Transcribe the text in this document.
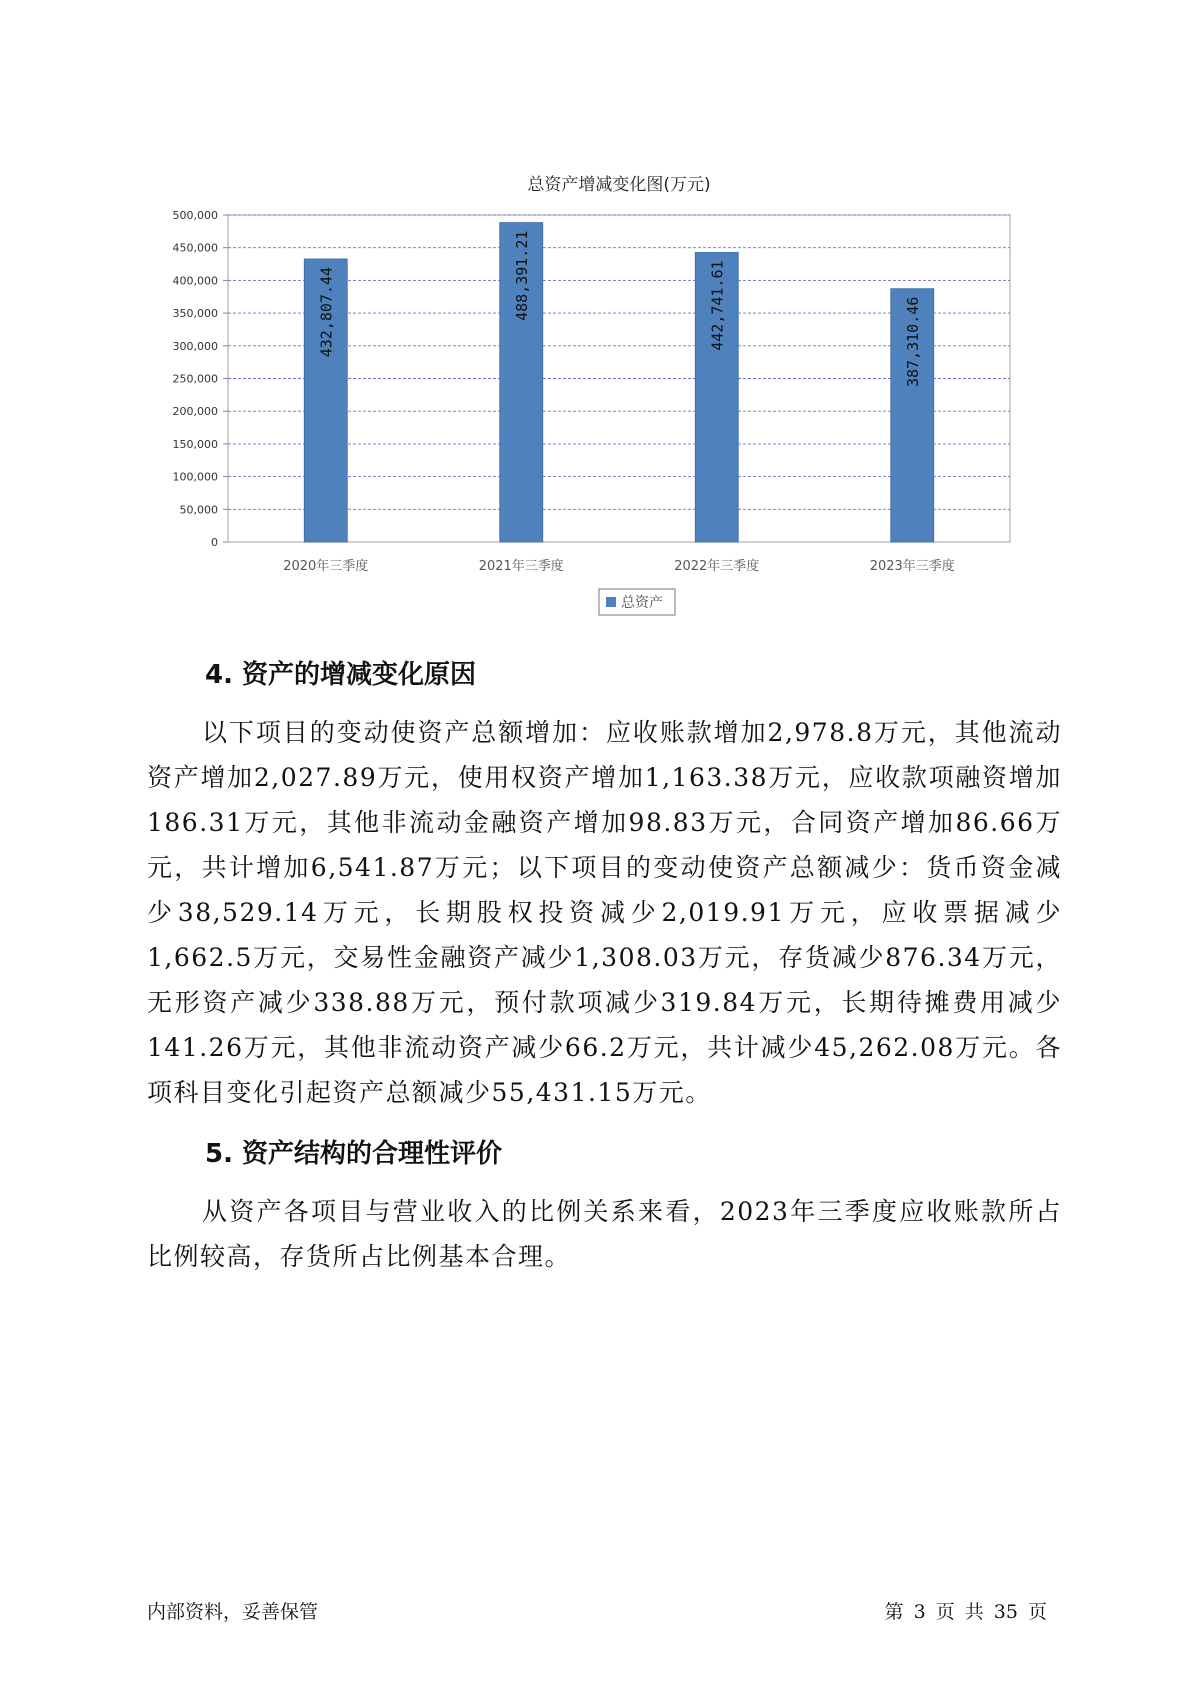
总资产增减变化图(万元)
0
50,000
100,000
150,000
200,000
250,000
300,000
350,000
400,000
450,000
500,000
432,807.44
2020年三季度
488,391.21
2021年三季度
442,741.61
2022年三季度
387,310.46
2023年三季度
总资产
4. 资产的增减变化原因

以下项目的变动使资产总额增加：应收账款增加2,978.8万元，其他流动资产增加2,027.89万元，使用权资产增加1,163.38万元，应收款项融资增加186.31万元，其他非流动金融资产增加98.83万元，合同资产增加86.66万元，共计增加6,541.87万元；以下项目的变动使资产总额减少：货币资金减少38,529.14万元，长期股权投资减少2,019.91万元，应收票据减少1,662.5万元，交易性金融资产减少1,308.03万元，存货减少876.34万元，无形资产减少338.88万元，预付款项减少319.84万元，长期待摊费用减少141.26万元，其他非流动资产减少66.2万元，共计减少45,262.08万元。各项科目变化引起资产总额减少55,431.15万元。

5. 资产结构的合理性评价

从资产各项目与营业收入的比例关系来看，2023年三季度应收账款所占比例较高，存货所占比例基本合理。

内部资料，妥善保管	第 3 页 共 35 页
